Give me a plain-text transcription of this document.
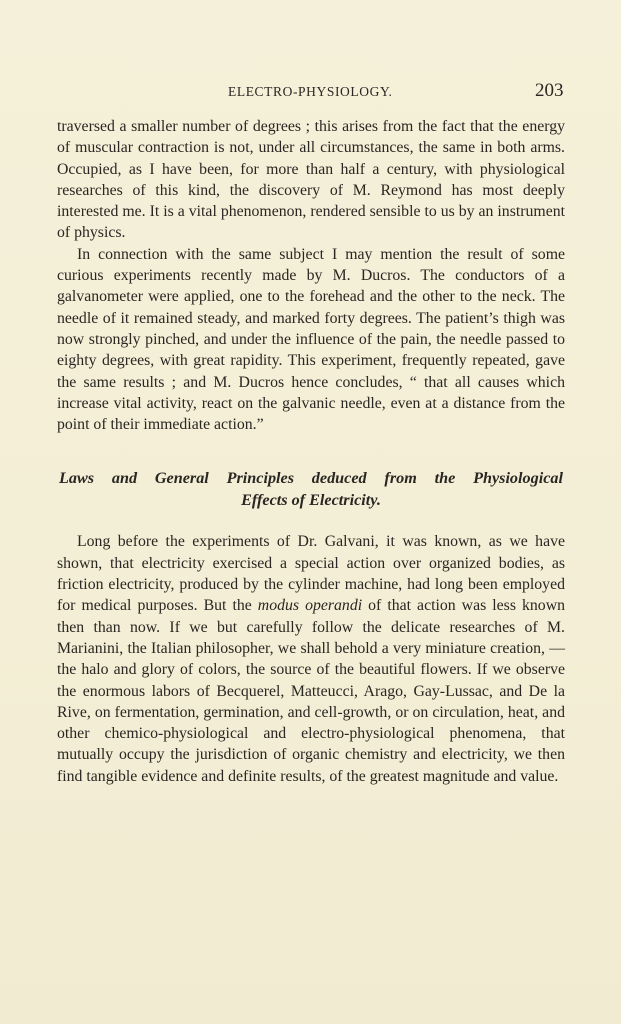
ELECTRO-PHYSIOLOGY.	203

traversed a smaller number of degrees ; this arises from the fact that the energy of muscular contraction is not, under all circumstances, the same in both arms. Occupied, as I have been, for more than half a century, with physiological researches of this kind, the discovery of M. Reymond has most deeply interested me. It is a vital phenomenon, rendered sensible to us by an instrument of physics.

In connection with the same subject I may mention the result of some curious experiments recently made by M. Ducros. The conductors of a galvanometer were applied, one to the forehead and the other to the neck. The needle of it remained steady, and marked forty degrees. The patient’s thigh was now strongly pinched, and under the influence of the pain, the needle passed to eighty degrees, with great rapidity. This experiment, frequently repeated, gave the same results ; and M. Ducros hence concludes, “ that all causes which increase vital activity, react on the galvanic needle, even at a distance from the point of their immediate action.”

Laws and General Principles deduced from the Physiological
Effects of Electricity.

Long before the experiments of Dr. Galvani, it was known, as we have shown, that electricity exercised a special action over organized bodies, as friction electricity, produced by the cylinder machine, had long been employed for medical purposes. But the modus operandi of that action was less known then than now. If we but carefully follow the delicate researches of M. Marianini, the Italian philosopher, we shall behold a very miniature creation, — the halo and glory of colors, the source of the beautiful flowers. If we observe the enormous labors of Becquerel, Matteucci, Arago, Gay-Lussac, and De la Rive, on fermentation, germination, and cell-growth, or on circulation, heat, and other chemico-physiological and electro-physiological phenomena, that mutually occupy the jurisdiction of organic chemistry and electricity, we then find tangible evidence and definite results, of the greatest magnitude and value.
